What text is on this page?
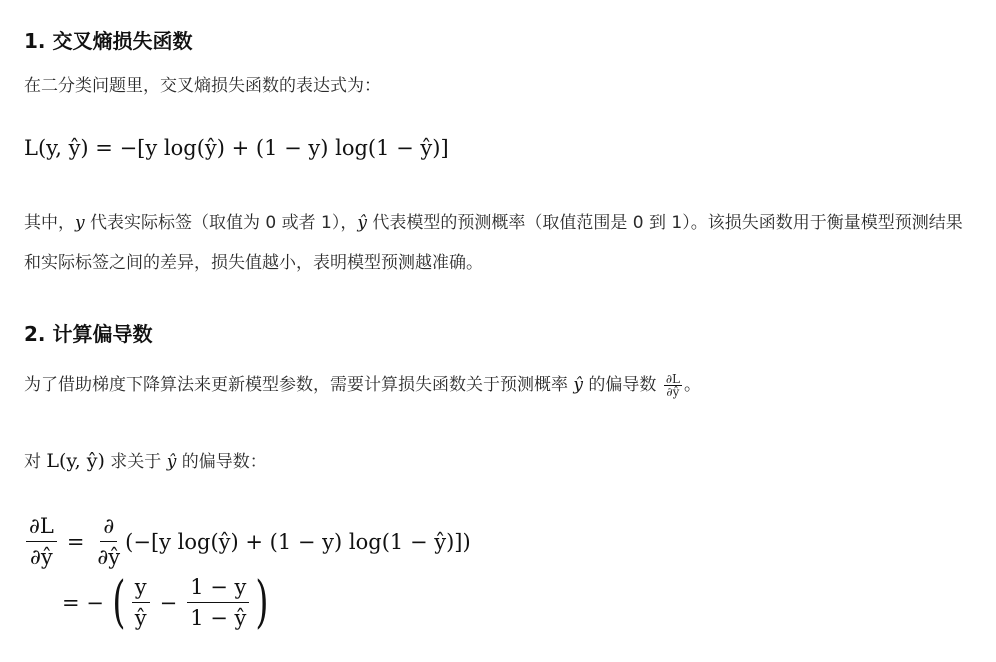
1. 交叉熵损失函数
在二分类问题里，交叉熵损失函数的表达式为：
L(y, ŷ) = −[y log(ŷ) + (1 − y) log(1 − ŷ)]
其中，y 代表实际标签（取值为 0 或者 1），ŷ 代表模型的预测概率（取值范围是 0 到 1）。该损失函数用于衡量模型预测结果和实际标签之间的差异，损失值越小，表明模型预测越准确。
2. 计算偏导数
为了借助梯度下降算法来更新模型参数，需要计算损失函数关于预测概率 ŷ 的偏导数 $\frac{\partial L}{\partial ŷ}$ 。
对 L(y, ŷ) 求关于 ŷ 的偏导数：
$\frac{\partial L}{\partial ŷ} = \frac{\partial}{\partial ŷ} (-[y$ log(ŷ) + (1 − y) log(1 − ŷ)])
= − ( $\frac{y}{ŷ} - \frac{1 - y}{1 - ŷ}$ )
